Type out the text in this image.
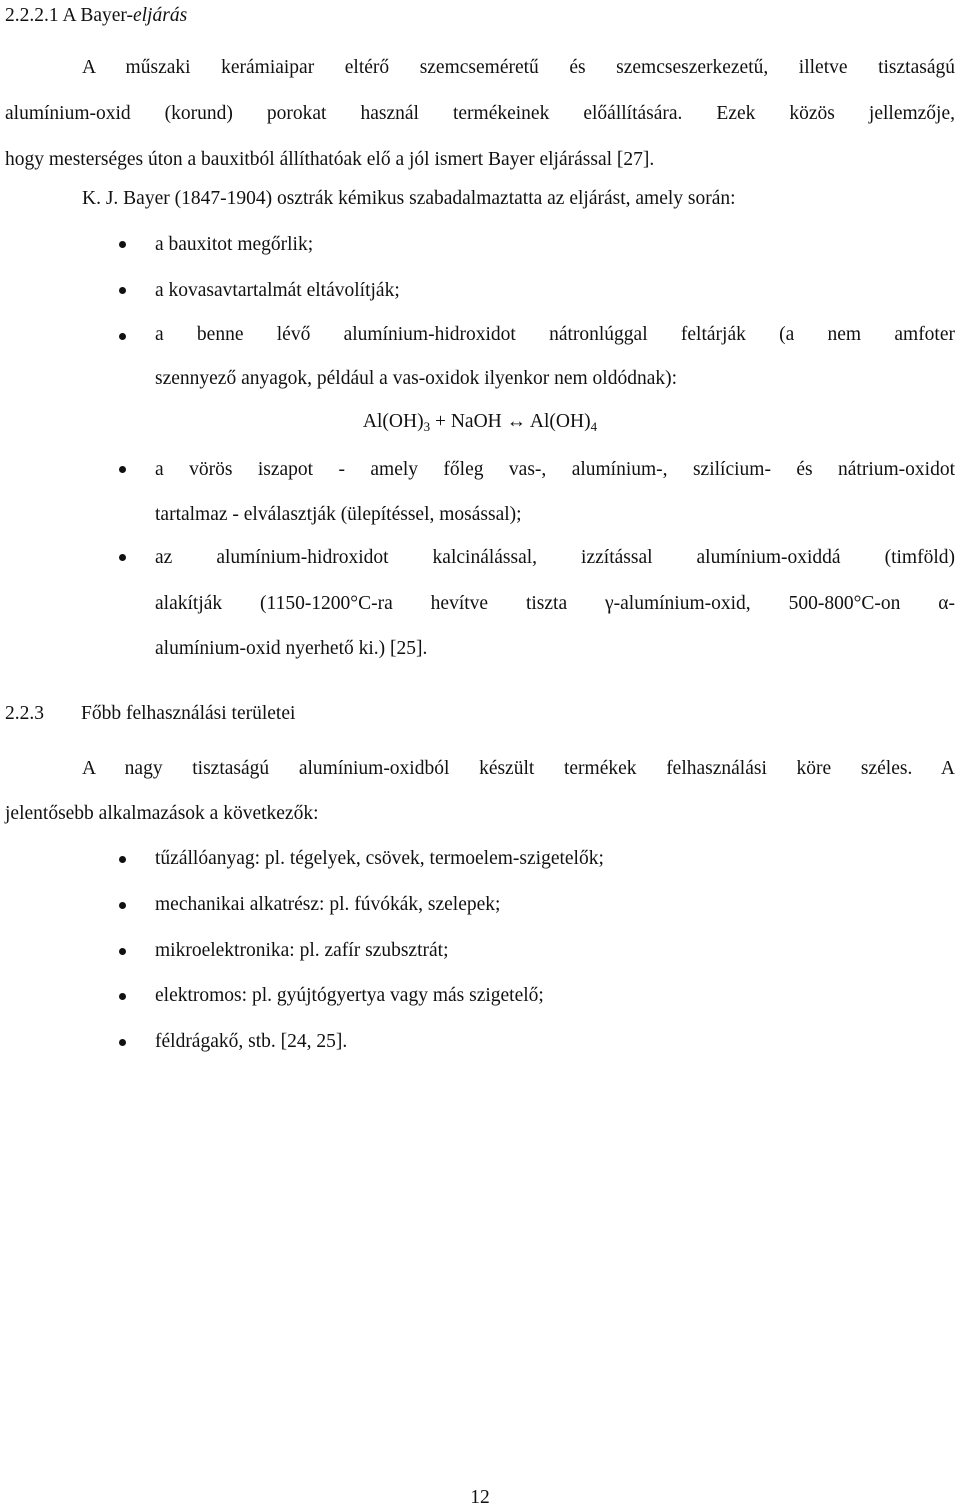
2.2.2.1 A Bayer-eljárás
A műszaki kerámiaipar eltérő szemcseméretű és szemcseszerkezetű, illetve tisztaságú
alumínium-oxid (korund) porokat használ termékeinek előállítására. Ezek közös jellemzője,
hogy mesterséges úton a bauxitból állíthatóak elő a jól ismert Bayer eljárással [27].
K. J. Bayer (1847-1904) osztrák kémikus szabadalmaztatta az eljárást, amely során:
a bauxitot megőrlik;
a kovasavtartalmát eltávolítják;
a benne lévő alumínium-hidroxidot nátronlúggal feltárják (a nem amfoter
szennyező anyagok, például a vas-oxidok ilyenkor nem oldódnak):
$Al(OH)_3$ + NaOH ↔ $Al(OH)_4$
a vörös iszapot - amely főleg vas-, alumínium-, szilícium- és nátrium-oxidot
tartalmaz - elválasztják (ülepítéssel, mosással);
az alumínium-hidroxidot kalcinálással, izzítással alumínium-oxiddá (timföld)
alakítják (1150-1200°C-ra hevítve tiszta γ-alumínium-oxid, 500-800°C-on α-
alumínium-oxid nyerhető ki.) [25].
2.2.3 Főbb felhasználási területei
A nagy tisztaságú alumínium-oxidból készült termékek felhasználási köre széles. A
jelentősebb alkalmazások a következők:
tűzállóanyag: pl. tégelyek, csövek, termoelem-szigetelők;
mechanikai alkatrész: pl. fúvókák, szelepek;
mikroelektronika: pl. zafír szubsztrát;
elektromos: pl. gyújtógyertya vagy más szigetelő;
féldrágakő, stb. [24, 25].
12
